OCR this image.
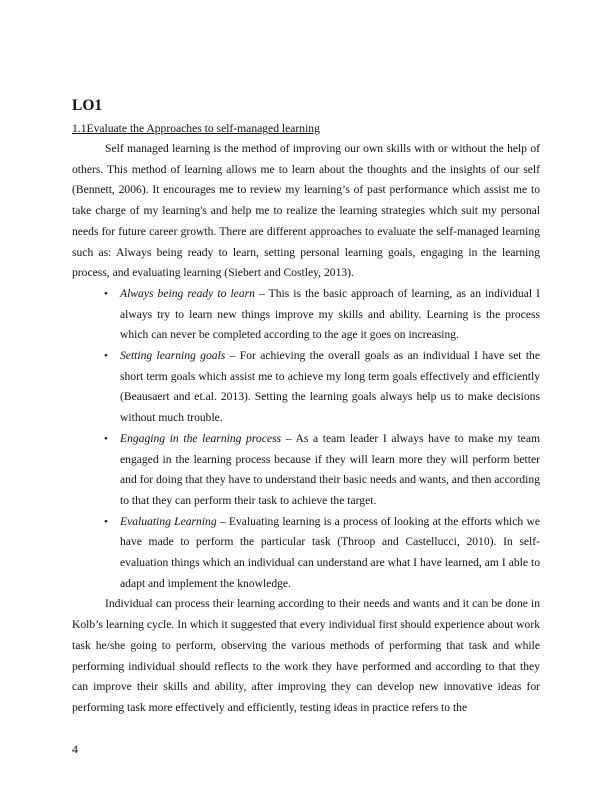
LO1

1.1Evaluate the Approaches to self-managed learning

Self managed learning is the method of improving our own skills with or without the help of others. This method of learning allows me to learn about the thoughts and the insights of our self (Bennett, 2006). It encourages me to review my learning’s of past performance which assist me to take charge of my learning's and help me to realize the learning strategies which suit my personal needs for future career growth. There are different approaches to evaluate the self-managed learning such as: Always being ready to learn, setting personal learning goals, engaging in the learning process, and evaluating learning (Siebert and Costley, 2013).

• Always being ready to learn – This is the basic approach of learning, as an individual I always try to learn new things improve my skills and ability. Learning is the process which can never be completed according to the age it goes on increasing.
• Setting learning goals – For achieving the overall goals as an individual I have set the short term goals which assist me to achieve my long term goals effectively and efficiently (Beausaert and et.al. 2013). Setting the learning goals always help us to make decisions without much trouble.
• Engaging in the learning process – As a team leader I always have to make my team engaged in the learning process because if they will learn more they will perform better and for doing that they have to understand their basic needs and wants, and then according to that they can perform their task to achieve the target.
• Evaluating Learning – Evaluating learning is a process of looking at the efforts which we have made to perform the particular task (Throop and Castellucci, 2010). In self-evaluation things which an individual can understand are what I have learned, am I able to adapt and implement the knowledge.

Individual can process their learning according to their needs and wants and it can be done in Kolb’s learning cycle. In which it suggested that every individual first should experience about work task he/she going to perform, observing the various methods of performing that task and while performing individual should reflects to the work they have performed and according to that they can improve their skills and ability, after improving they can develop new innovative ideas for performing task more effectively and efficiently, testing ideas in practice refers to the

4
